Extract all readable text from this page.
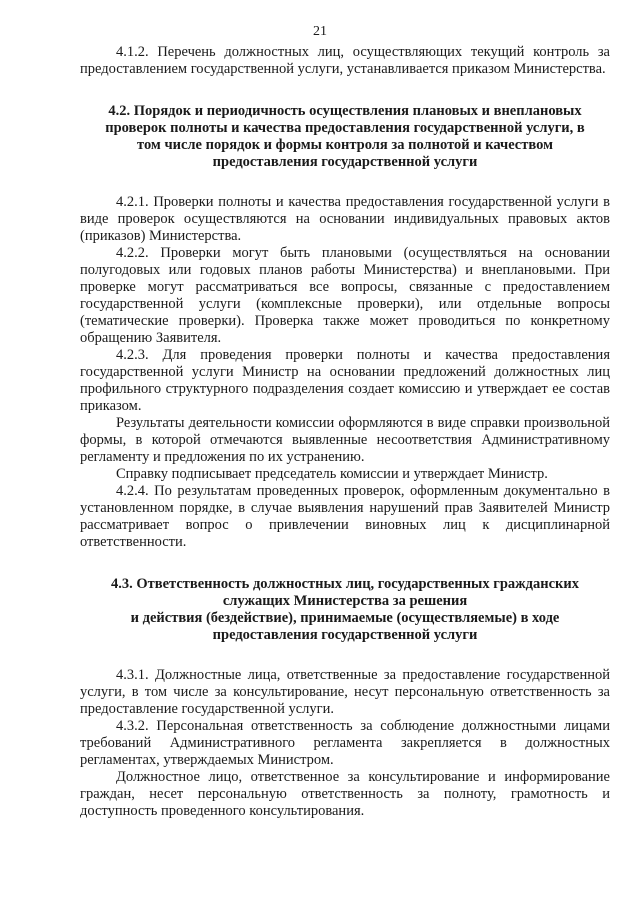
21

4.1.2. Перечень должностных лиц, осуществляющих текущий контроль за предоставлением государственной услуги, устанавливается приказом Министерства.

4.2. Порядок и периодичность осуществления плановых и внеплановых
проверок полноты и качества предоставления государственной услуги, в
том числе порядок и формы контроля за полнотой и качеством
предоставления государственной услуги

4.2.1. Проверки полноты и качества предоставления государственной услуги в виде проверок осуществляются на основании индивидуальных правовых актов (приказов) Министерства.

4.2.2. Проверки могут быть плановыми (осуществляться на основании полугодовых или годовых планов работы Министерства) и внеплановыми. При проверке могут рассматриваться все вопросы, связанные с предоставлением государственной услуги (комплексные проверки), или отдельные вопросы (тематические проверки). Проверка также может проводиться по конкретному обращению Заявителя.

4.2.3. Для проведения проверки полноты и качества предоставления государственной услуги Министр на основании предложений должностных лиц профильного структурного подразделения создает комиссию и утверждает ее состав приказом.

Результаты деятельности комиссии оформляются в виде справки произвольной формы, в которой отмечаются выявленные несоответствия Административному регламенту и предложения по их устранению.

Справку подписывает председатель комиссии и утверждает Министр.

4.2.4. По результатам проведенных проверок, оформленным документально в установленном порядке, в случае выявления нарушений прав Заявителей Министр рассматривает вопрос о привлечении виновных лиц к дисциплинарной ответственности.

4.3. Ответственность должностных лиц, государственных гражданских
служащих Министерства за решения
и действия (бездействие), принимаемые (осуществляемые) в ходе
предоставления государственной услуги

4.3.1. Должностные лица, ответственные за предоставление государственной услуги, в том числе за консультирование, несут персональную ответственность за предоставление государственной услуги.

4.3.2. Персональная ответственность за соблюдение должностными лицами требований Административного регламента закрепляется в должностных регламентах, утверждаемых Министром.

Должностное лицо, ответственное за консультирование и информирование граждан, несет персональную ответственность за полноту, грамотность и доступность проведенного консультирования.
